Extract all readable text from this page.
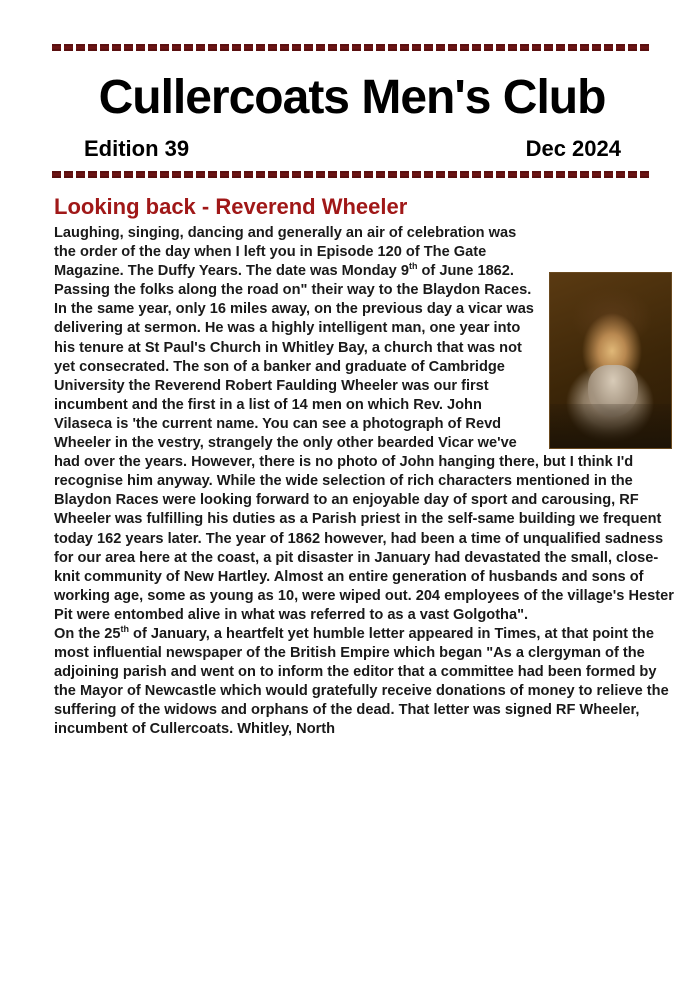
Cullercoats Men's Club
Edition 39	Dec 2024
Looking back - Reverend Wheeler

Laughing, singing, dancing and generally an air of celebration was the order of the day when I left you in Episode 120 of The Gate Magazine. The Duffy Years. The date was Monday 9th of June 1862. Passing the folks along the road on" their way to the Blaydon Races. In the same year, only 16 miles away, on the previous day a vicar was delivering at sermon. He was a highly intelligent man, one year into his tenure at St Paul's Church in Whitley Bay, a church that was not yet consecrated. The son of a banker and graduate of Cambridge University the Reverend Robert Faulding Wheeler was our first incumbent and the first in a list of 14 men on which Rev. John Vilaseca is 'the current name. You can see a photograph of Revd Wheeler in the vestry, strangely the only other bearded Vicar we've had over the years. However, there is no photo of John hanging there, but I think I'd recognise him anyway. While the wide selection of rich characters mentioned in the Blaydon Races were looking forward to an enjoyable day of sport and carousing, RF Wheeler was fulfilling his duties as a Parish priest in the self-same building we frequent today 162 years later. The year of 1862 however, had been a time of unqualified sadness for our area here at the coast, a pit disaster in January had devastated the small, close-knit community of New Hartley. Almost an entire generation of husbands and sons of working age, some as young as 10, were wiped out. 204 employees of the village's Hester Pit were entombed alive in what was referred to as a vast Golgotha".

On the 25th of January, a heartfelt yet humble letter appeared in Times, at that point the most influential newspaper of the British Empire which began "As a clergyman of the adjoining parish and went on to inform the editor that a committee had been formed by the Mayor of Newcastle which would gratefully receive donations of money to relieve the suffering of the widows and orphans of the dead. That letter was signed RF Wheeler, incumbent of Cullercoats. Whitley, North
